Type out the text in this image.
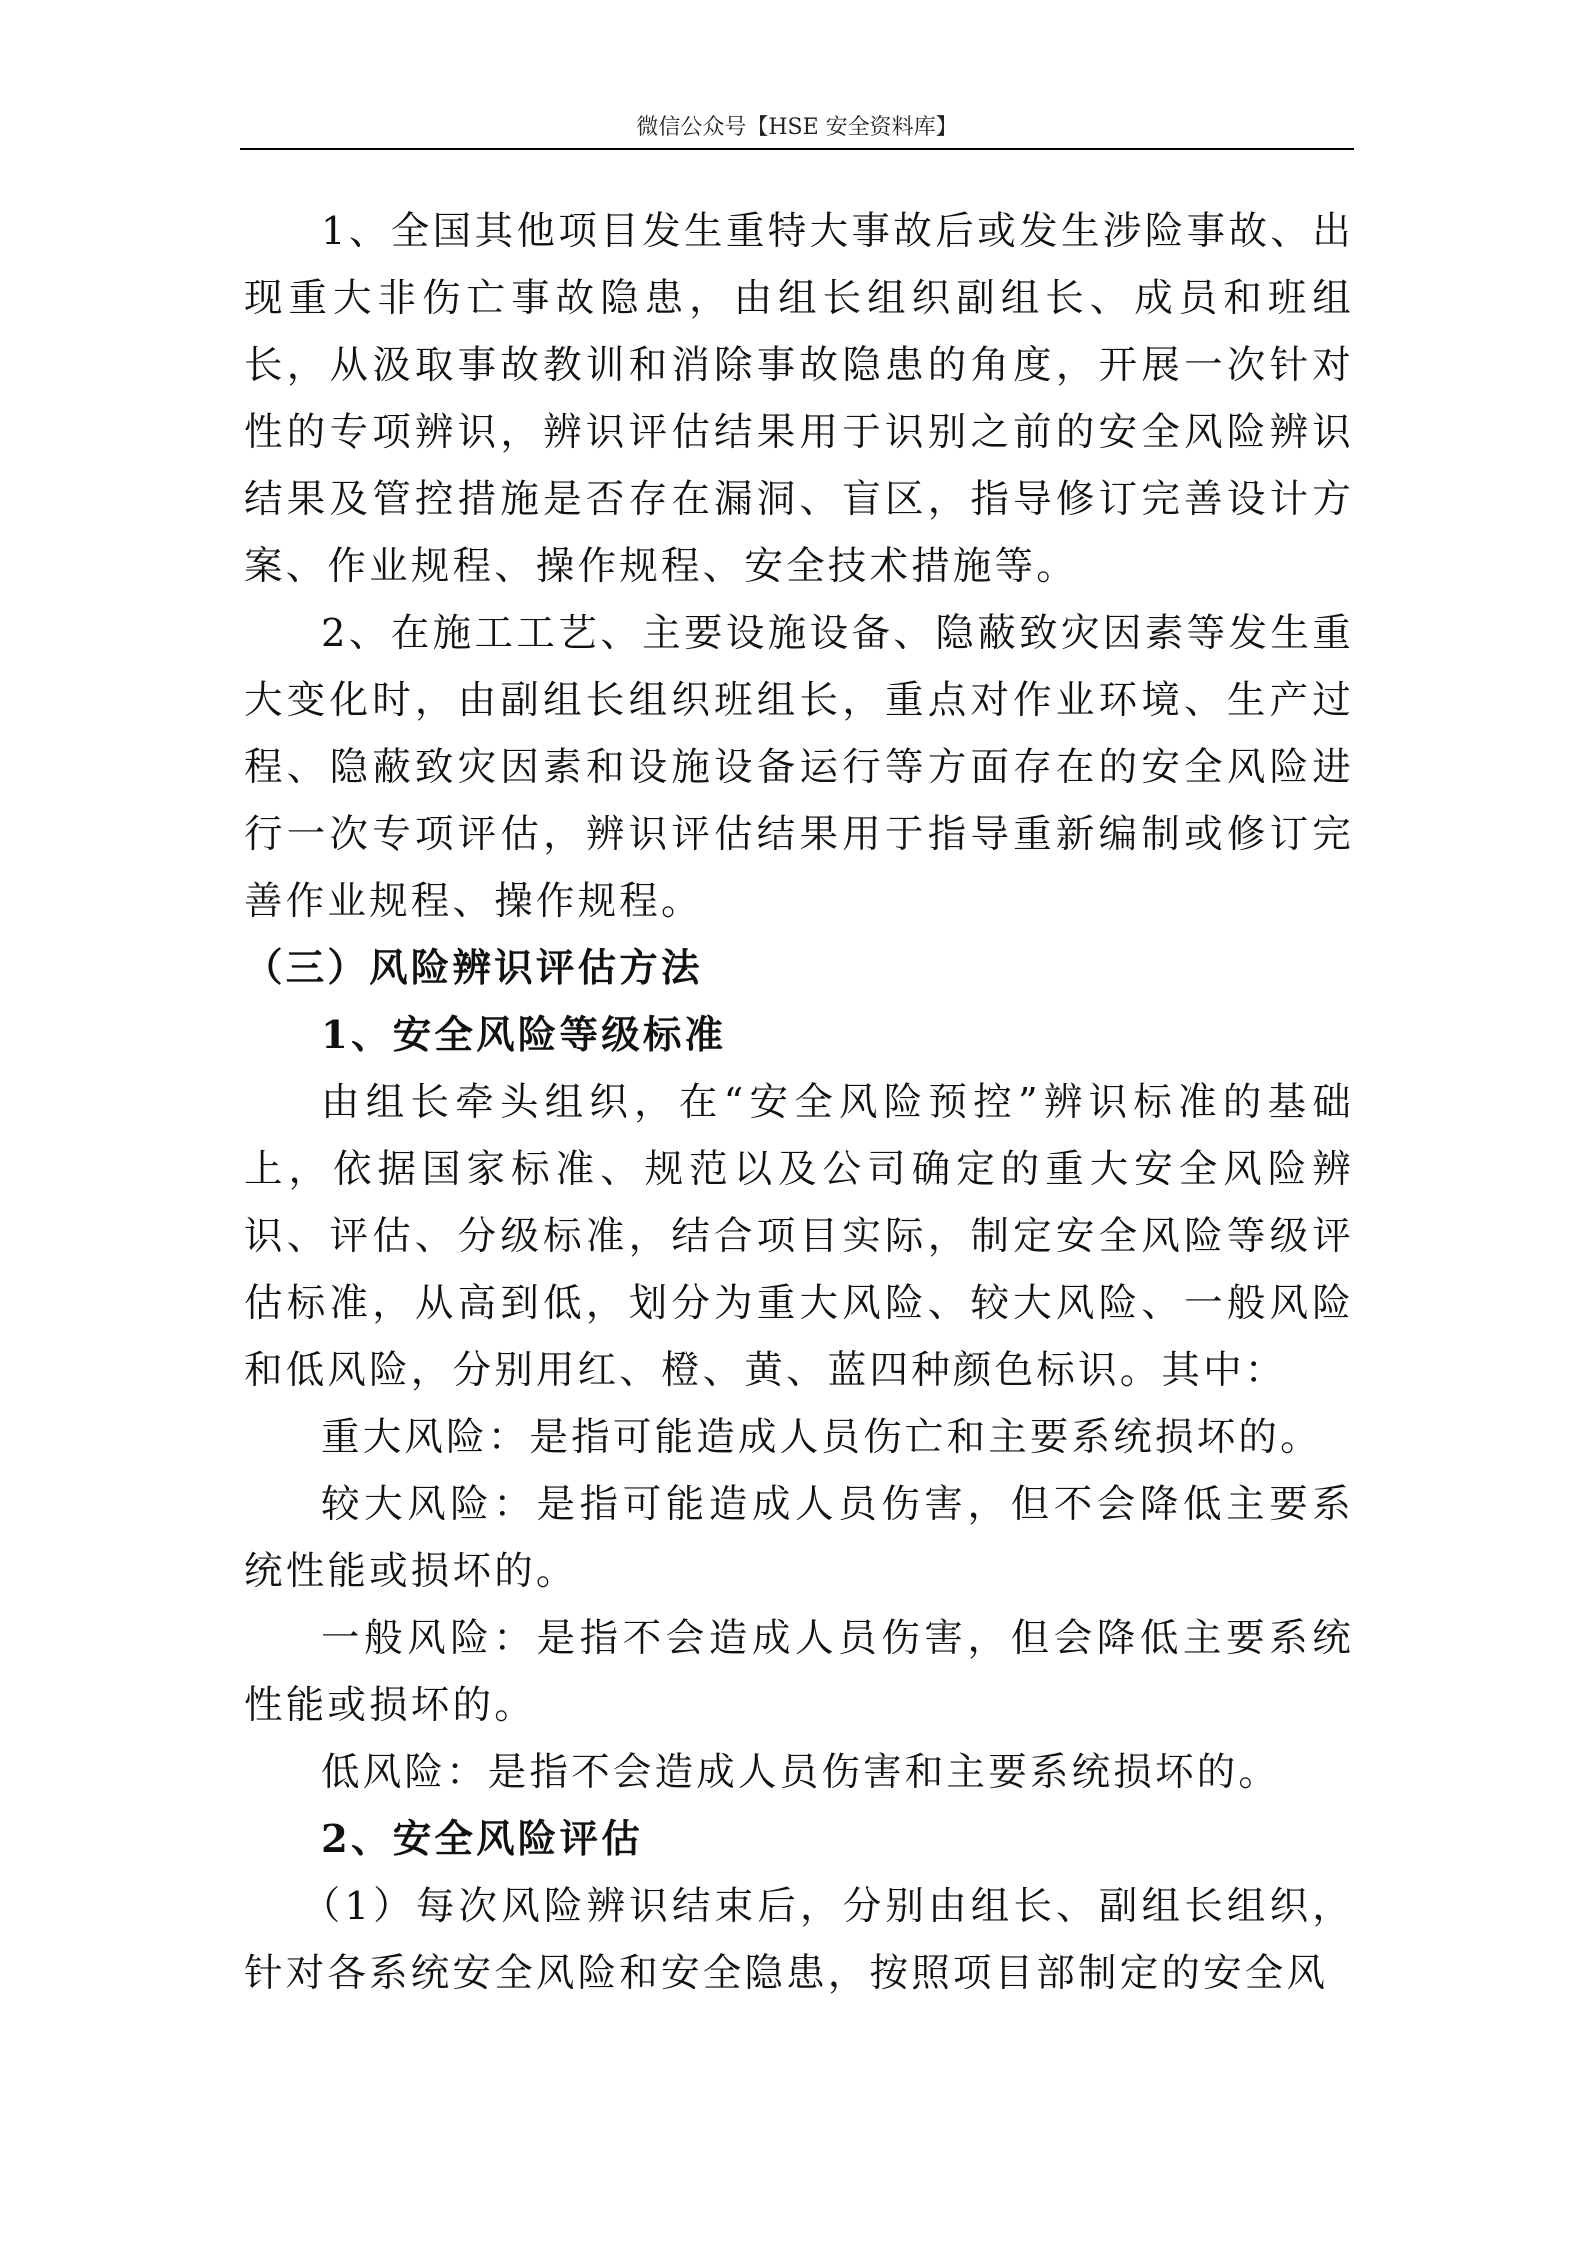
微信公众号【HSE 安全资料库】

1、全国其他项目发生重特大事故后或发生涉险事故、出现重大非伤亡事故隐患，由组长组织副组长、成员和班组长，从汲取事故教训和消除事故隐患的角度，开展一次针对性的专项辨识，辨识评估结果用于识别之前的安全风险辨识结果及管控措施是否存在漏洞、盲区，指导修订完善设计方案、作业规程、操作规程、安全技术措施等。

2、在施工工艺、主要设施设备、隐蔽致灾因素等发生重大变化时，由副组长组织班组长，重点对作业环境、生产过程、隐蔽致灾因素和设施设备运行等方面存在的安全风险进行一次专项评估，辨识评估结果用于指导重新编制或修订完善作业规程、操作规程。

（三）风险辨识评估方法

1、安全风险等级标准

由组长牵头组织，在“安全风险预控”辨识标准的基础上，依据国家标准、规范以及公司确定的重大安全风险辨识、评估、分级标准，结合项目实际，制定安全风险等级评估标准，从高到低，划分为重大风险、较大风险、一般风险和低风险，分别用红、橙、黄、蓝四种颜色标识。其中：

重大风险：是指可能造成人员伤亡和主要系统损坏的。

较大风险：是指可能造成人员伤害，但不会降低主要系统性能或损坏的。

一般风险：是指不会造成人员伤害，但会降低主要系统性能或损坏的。

低风险：是指不会造成人员伤害和主要系统损坏的。

2、安全风险评估

（1）每次风险辨识结束后，分别由组长、副组长组织，针对各系统安全风险和安全隐患，按照项目部制定的安全风
